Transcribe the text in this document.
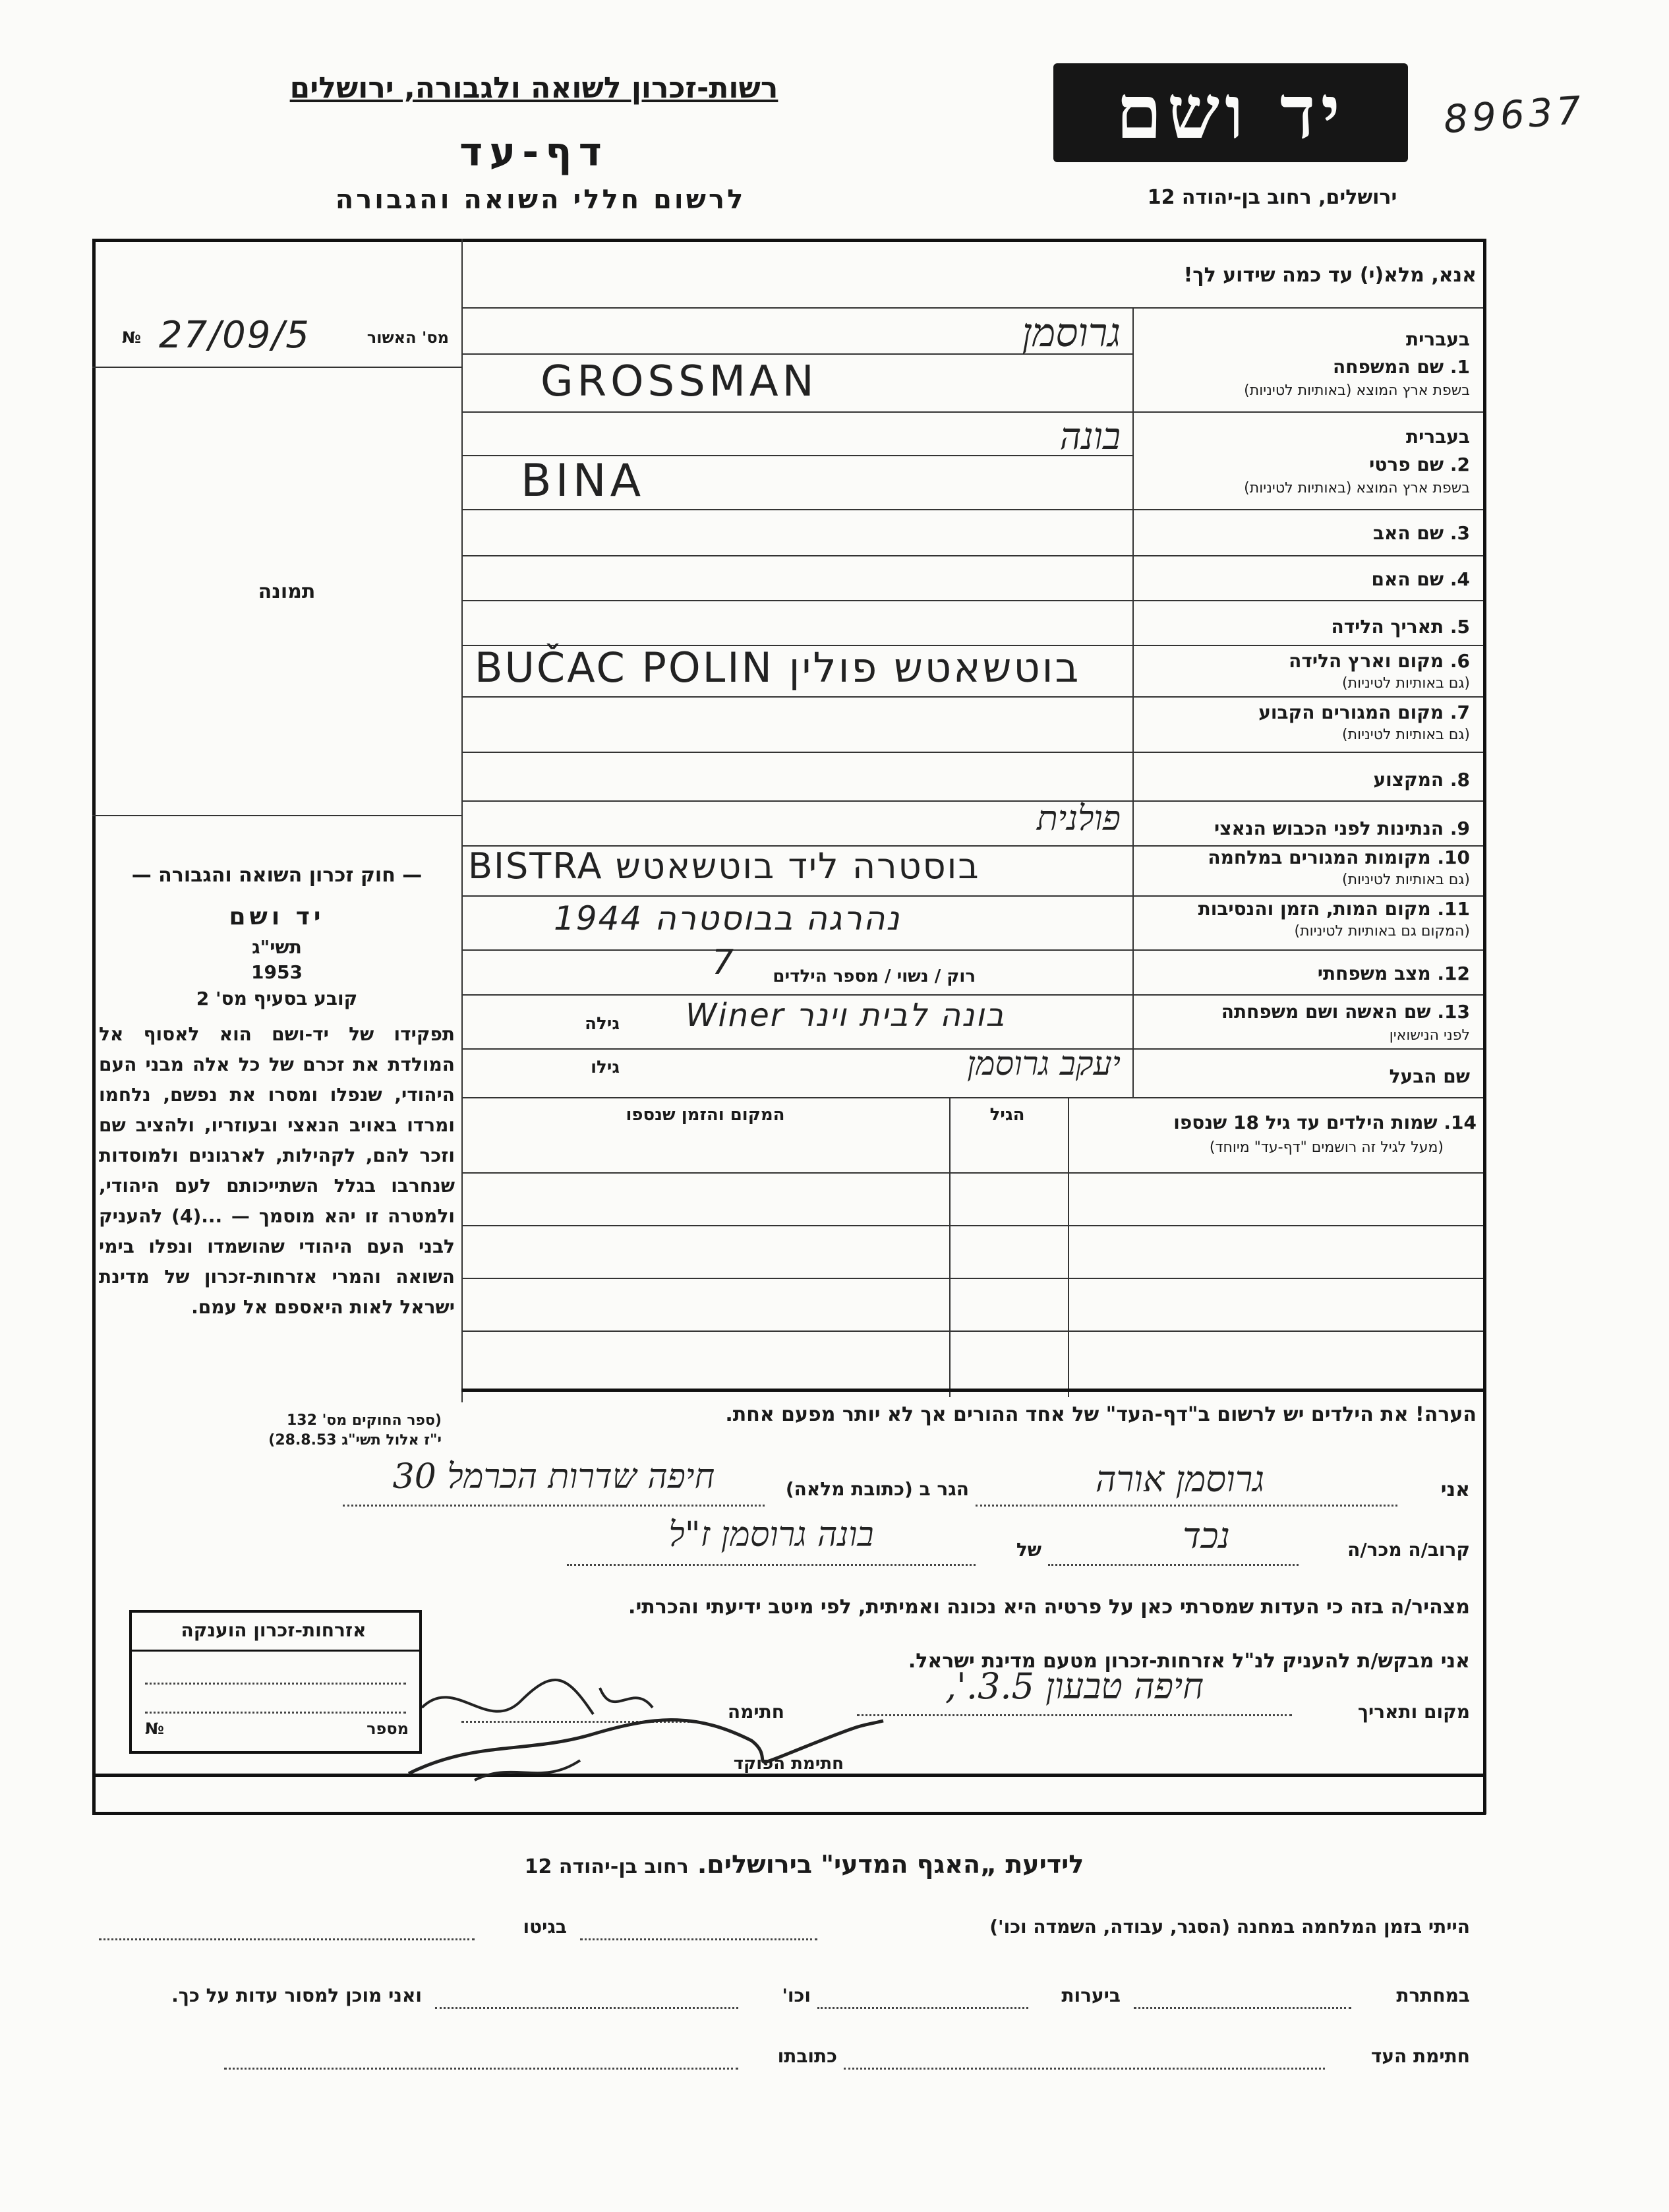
רשות-זכרון לשואה ולגבורה, ירושלים
דף-עד
לרשום חללי השואה והגבורה
יד ושם
ירושלים, רחוב בן-יהודה 12
89637
אנא, מלא(י) עד כמה שידוע לך!
מס' האשור
№ 27/09/5
תמונה
בעברית
1. שם המשפחה
בשפת ארץ המוצא (באותיות לטיניות)
גרוסמן
GROSSMAN
בעברית
2. שם פרטי
בשפת ארץ המוצא (באותיות לטיניות)
בונה
BINA
3. שם האב
4. שם האם
5. תאריך הלידה
6. מקום וארץ הלידה
(גם באותיות לטיניות)
BUČAC POLIN בוטשאטש פולין
7. מקום המגורים הקבוע
(גם באותיות לטיניות)
8. המקצוע
9. הנתינות לפני הכבוש הנאצי
פולנית
10. מקומות המגורים במלחמה
(גם באותיות לטיניות)
BISTRA בוסטרה ליד בוטשאטש
11. מקום המות, הזמן והנסיבות
(המקום גם באותיות לטיניות)
1944 נהרגה בבוסטרה
12. מצב משפחתי
רוק / נשוי / מספר הילדים
7
13. שם האשה ושם משפחתה
לפני הנישואין
גילה Winer בונה לבית וינר
שם הבעל
גילו	יעקב גרוסמן
14. שמות הילדים עד גיל 18 שנספו
(מעל לגיל זה רושמים "דף-עד" מיוחד)
הגיל
המקום והזמן שנספו
— חוק זכרון השואה והגבורה —
יד ושם
תשי"ג
1953
קובע בסעיף מס' 2
תפקידו של יד-ושם הוא לאסוף אל המולדת את זכרם של כל אלה מבני העם היהודי, שנפלו ומסרו את נפשם, נלחמו ומרדו באויב הנאצי ובעוזריו, ולהציב שם וזכר להם, לקהילות, לארגונים ולמוסדות שנחרבו בגלל השתייכותם לעם היהודי, ולמטרה זו יהא מוסמך — ...(4) להעניק לבני העם היהודי שהושמדו ונפלו בימי השואה והמרי אזרחות-זכרון של מדינת ישראל לאות היאספם אל עמם.
(ספר החוקים מס' 132
י"ז אלול תשי"ג 28.8.53)
הערה! את הילדים יש לרשום ב"דף-העד" של אחד ההורים אך לא יותר מפעם אחת.
אני
גרוסמן אורה
הגר ב (כתובת מלאה)
חיפה שדרות הכרמל 30
קרוב/ה מכר/ה
נכד
של
בונה גרוסמן ז"ל
מצהיר/ה בזה כי העדות שמסרתי כאן על פרטיה היא נכונה ואמיתית, לפי מיטב ידיעתי והכרתי.
אני מבקש/ת להעניק לנ"ל אזרחות-זכרון מטעם מדינת ישראל.
מקום ותאריך
חיפה טבעון 3.5.',
חתימה
חתימת הפוקד
אזרחות-זכרון הוענקה
מספר
№
לידיעת „האגף המדעי" בירושלים. רחוב בן-יהודה 12
הייתי בזמן המלחמה במחנה (הסגר, עבודה, השמדה וכו')
בגיטו
במחתרת
ביערות
וכו'
ואני מוכן למסור עדות על כך.
חתימת העד
כתובתו
